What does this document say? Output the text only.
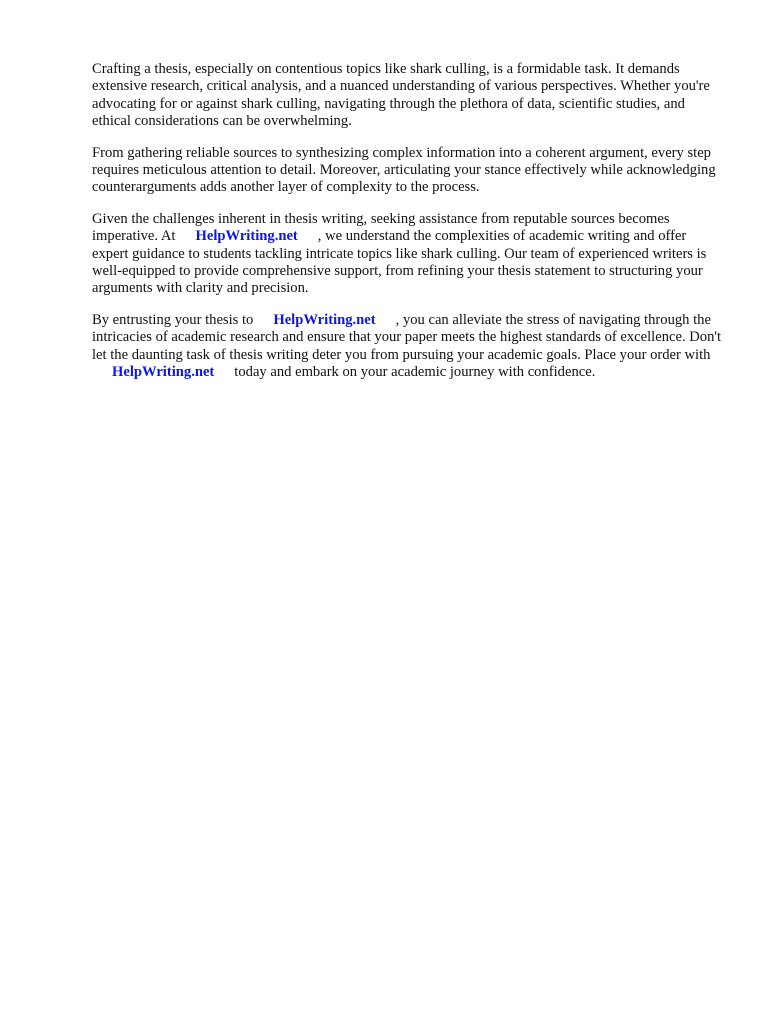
Crafting a thesis, especially on contentious topics like shark culling, is a formidable task. It demands extensive research, critical analysis, and a nuanced understanding of various perspectives. Whether you're advocating for or against shark culling, navigating through the plethora of data, scientific studies, and ethical considerations can be overwhelming.

From gathering reliable sources to synthesizing complex information into a coherent argument, every step requires meticulous attention to detail. Moreover, articulating your stance effectively while acknowledging counterarguments adds another layer of complexity to the process.

Given the challenges inherent in thesis writing, seeking assistance from reputable sources becomes imperative. At HelpWriting.net , we understand the complexities of academic writing and offer expert guidance to students tackling intricate topics like shark culling. Our team of experienced writers is well-equipped to provide comprehensive support, from refining your thesis statement to structuring your arguments with clarity and precision.

By entrusting your thesis to HelpWriting.net , you can alleviate the stress of navigating through the intricacies of academic research and ensure that your paper meets the highest standards of excellence. Don't let the daunting task of thesis writing deter you from pursuing your academic goals. Place your order withHelpWriting.net today and embark on your academic journey with confidence.
